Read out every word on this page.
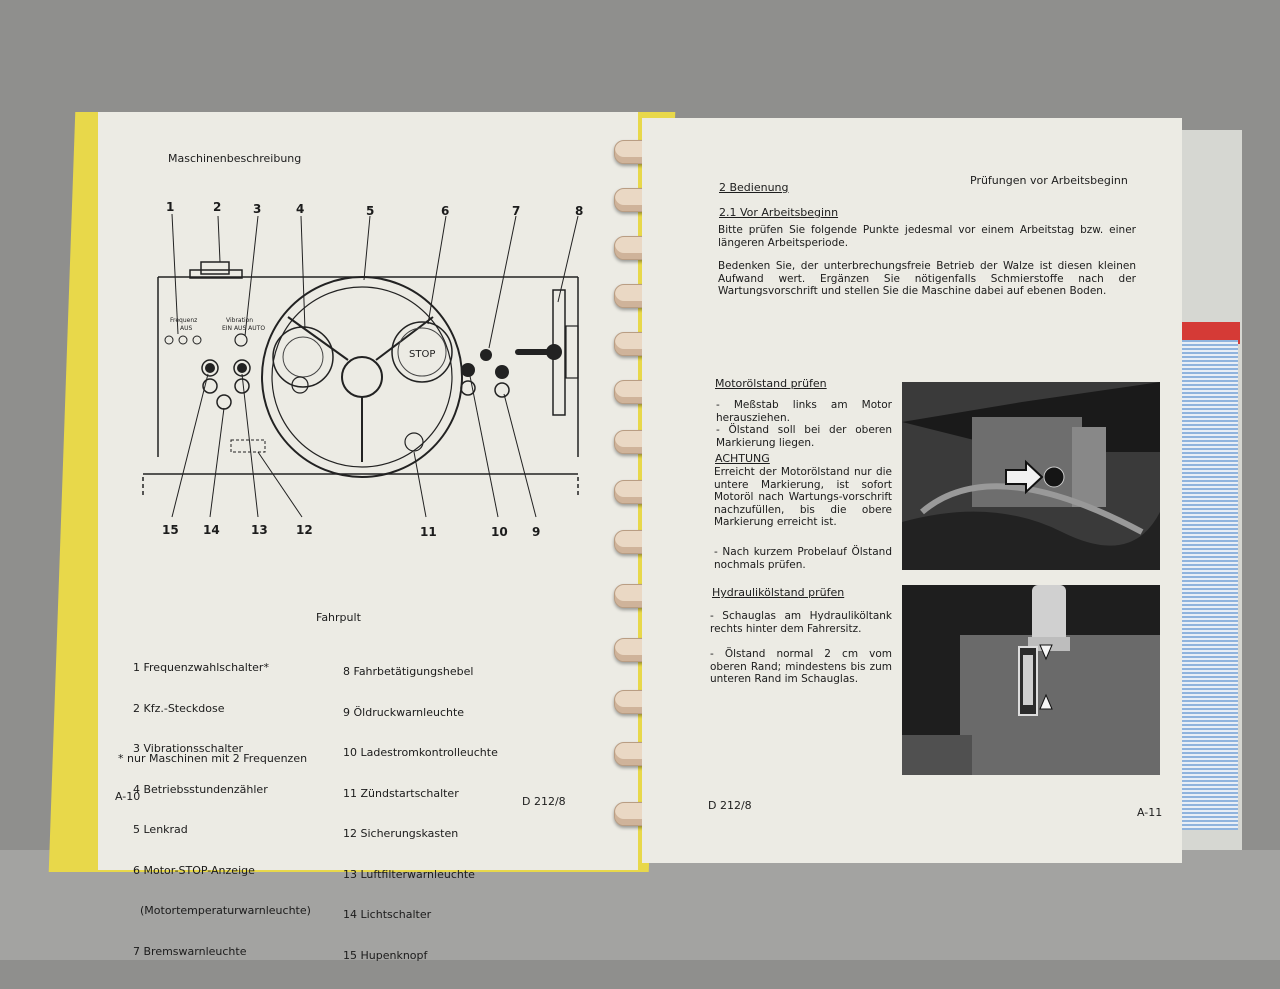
Maschinenbeschreibung
STOP
Frequenz
AUS
Vibration
EIN AUS AUTO
1	2	3	4	5	6	7	8
15 14	13 12	11	10 9
Fahrpult

1 Frequenzwahlschalter*

2 Kfz.-Steckdose

3 Vibrationsschalter

4 Betriebsstundenzähler

5 Lenkrad

6 Motor-STOP-Anzeige

(Motortemperaturwarnleuchte)

7 Bremswarnleuchte

8 Fahrbetätigungshebel

9 Öldruckwarnleuchte

10 Ladestromkontrolleuchte

11 Zündstartschalter

12 Sicherungskasten

13 Luftfilterwarnleuchte

14 Lichtschalter

15 Hupenknopf

* nur Maschinen mit 2 Frequenzen
A-10	D 212/8
Prüfungen vor Arbeitsbeginn
2 Bedienung
2.1 Vor Arbeitsbeginn
Bitte prüfen Sie folgende Punkte jedesmal vor einem Arbeitstag bzw. einer längeren Arbeitsperiode.
Bedenken Sie, der unterbrechungsfreie Betrieb der Walze ist diesen kleinen Aufwand wert. Ergänzen Sie nötigenfalls Schmierstoffe nach der Wartungsvorschrift und stellen Sie die Maschine dabei auf ebenen Boden.
Motorölstand prüfen
- Meßstab links am Motor herausziehen.
- Ölstand soll bei der oberen Markierung liegen.
ACHTUNG
Erreicht der Motorölstand nur die untere Markierung, ist sofort Motoröl nach Wartungs-vorschrift nachzufüllen, bis die obere Markierung erreicht ist.
- Nach kurzem Probelauf Ölstand nochmals prüfen.
Hydraulikölstand prüfen
- Schauglas am Hydrauliköltank rechts hinter dem Fahrersitz.
- Ölstand normal 2 cm vom oberen Rand; mindestens bis zum unteren Rand im Schauglas.
D 212/8
A-11
